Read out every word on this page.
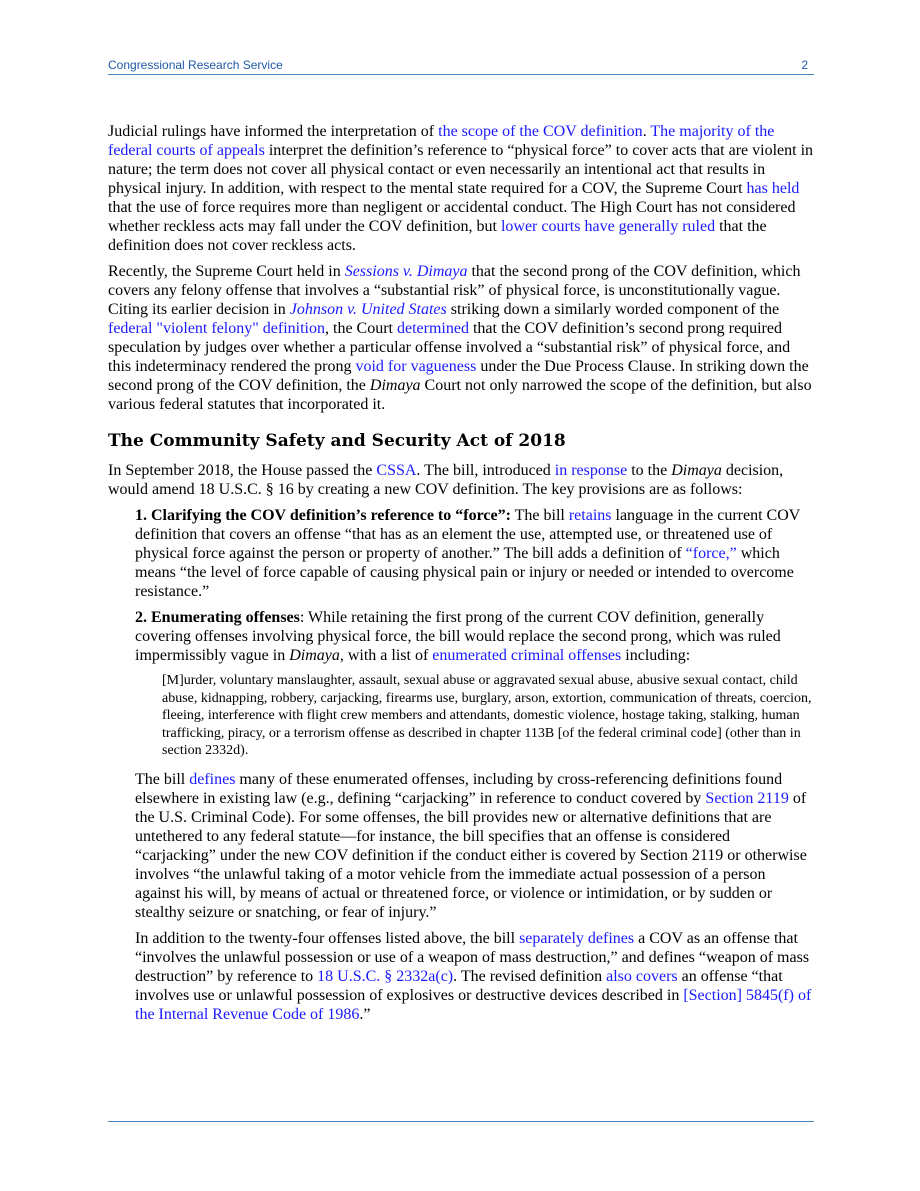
Congressional Research Service	2

Judicial rulings have informed the interpretation of the scope of the COV definition. The majority of the federal courts of appeals interpret the definition’s reference to “physical force” to cover acts that are violent in nature; the term does not cover all physical contact or even necessarily an intentional act that results in physical injury. In addition, with respect to the mental state required for a COV, the Supreme Court has held that the use of force requires more than negligent or accidental conduct. The High Court has not considered whether reckless acts may fall under the COV definition, but lower courts have generally ruled that the definition does not cover reckless acts.

Recently, the Supreme Court held in Sessions v. Dimaya that the second prong of the COV definition, which covers any felony offense that involves a “substantial risk” of physical force, is unconstitutionally vague. Citing its earlier decision in Johnson v. United States striking down a similarly worded component of the federal "violent felony" definition, the Court determined that the COV definition’s second prong required speculation by judges over whether a particular offense involved a “substantial risk” of physical force, and this indeterminacy rendered the prong void for vagueness under the Due Process Clause. In striking down the second prong of the COV definition, the Dimaya Court not only narrowed the scope of the definition, but also various federal statutes that incorporated it.

The Community Safety and Security Act of 2018

In September 2018, the House passed the CSSA. The bill, introduced in response to the Dimaya decision, would amend 18 U.S.C. § 16 by creating a new COV definition. The key provisions are as follows:

1. Clarifying the COV definition’s reference to “force”: The bill retains language in the current COV definition that covers an offense “that has as an element the use, attempted use, or threatened use of physical force against the person or property of another.” The bill adds a definition of “force,” which means “the level of force capable of causing physical pain or injury or needed or intended to overcome resistance.”

2. Enumerating offenses: While retaining the first prong of the current COV definition, generally covering offenses involving physical force, the bill would replace the second prong, which was ruled impermissibly vague in Dimaya, with a list of enumerated criminal offenses including:

[M]urder, voluntary manslaughter, assault, sexual abuse or aggravated sexual abuse, abusive sexual contact, child abuse, kidnapping, robbery, carjacking, firearms use, burglary, arson, extortion, communication of threats, coercion, fleeing, interference with flight crew members and attendants, domestic violence, hostage taking, stalking, human trafficking, piracy, or a terrorism offense as described in chapter 113B [of the federal criminal code] (other than in section 2332d).

The bill defines many of these enumerated offenses, including by cross-referencing definitions found elsewhere in existing law (e.g., defining “carjacking” in reference to conduct covered by Section 2119 of the U.S. Criminal Code). For some offenses, the bill provides new or alternative definitions that are untethered to any federal statute—for instance, the bill specifies that an offense is considered “carjacking” under the new COV definition if the conduct either is covered by Section 2119 or otherwise involves “the unlawful taking of a motor vehicle from the immediate actual possession of a person against his will, by means of actual or threatened force, or violence or intimidation, or by sudden or stealthy seizure or snatching, or fear of injury.”

In addition to the twenty-four offenses listed above, the bill separately defines a COV as an offense that “involves the unlawful possession or use of a weapon of mass destruction,” and defines “weapon of mass destruction” by reference to 18 U.S.C. § 2332a(c). The revised definition also covers an offense “that involves use or unlawful possession of explosives or destructive devices described in [Section] 5845(f) of the Internal Revenue Code of 1986.”
